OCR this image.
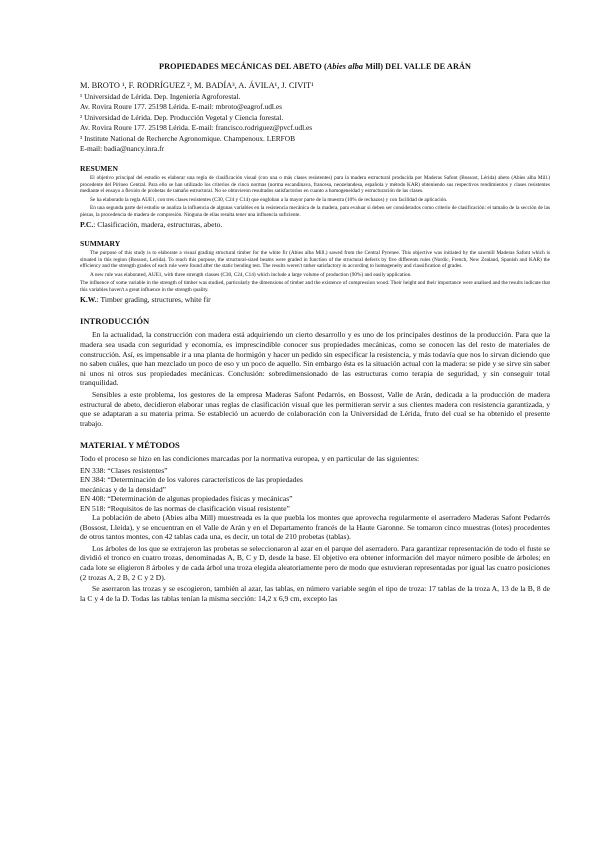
PROPIEDADES MECÁNICAS DEL ABETO (Abies alba Mill) DEL VALLE DE ARÁN
M. BROTO ¹, F. RODRÍGUEZ ², M. BADÍA³, A. ÁVILA¹, J. CIVIT¹
¹ Universidad de Lérida. Dep. Ingeniería Agroforestal.
Av. Rovira Roure 177. 25198 Lérida. E-mail: mbroto@eagrof.udl.es
² Universidad de Lérida. Dep. Producción Vegetal y Ciencia forestal.
Av. Rovira Roure 177. 25198 Lérida. E-mail: francisco.rodriguez@pvcf.udl.es
³ Institute National de Recherche Agronomique. Champenoux. LERFOB
E-mail: badia@nancy.inra.fr
RESUMEN

El objetivo principal del estudio es elaborar una regla de clasificación visual (con una o más clases resistentes) para la madera estructural producida por Maderas Safont (Bossost, Lérida) abeto (Abies alba Mill.) procedente del Pirineo Central. Para ello se han utilizado los criterios de cinco normas (norma escandinava, francesa, neozelandesa, española y método KAR) obteniendo sus respectivos rendimientos y clases resistentes mediante el ensayo a flexión de probetas de tamaño estructural. No se obtuvieron resultados satisfactorios en cuanto a homogeneidad y estructuración de las clases.

Se ha elaborado la regla AUE1, con tres clases resistentes (C30, C24 y C14) que engloban a la mayor parte de la muestra (10% de rechazos) y con facilidad de aplicación.

En una segunda parte del estudio se analiza la influencia de algunas variables en la resistencia mecánica de la madera, para evaluar si deben ser considerados como criterio de clasificación: el tamaño de la sección de las piezas, la procedencia de madera de compresión. Ninguna de ellas resulta tener una influencia suficiente.

P.C.: Clasificación, madera, estructuras, abeto.
SUMMARY

The purpose of this study is to elaborate a visual grading structural timber for the white fir (Abies alba Mill.) sawed from the Central Pyrenee. This objective was initiated by the sawmill Maderas Safont which is situated in this region (Bossost, Lerida). To reach this purpose, the structural-sized beams were graded in function of the structural defects by five differents rules (Nordic, French, New Zealand, Spanish and KAR) the efficiency and the strength grades of each rule were found after the static bending test. The results weren't rather satisfactory in according to homogeneity and classification of grades.

A new rule was elaborated, AUE1, with three strength classes (C30, C24, C14) which include a large volume of production (90%) and easily application.

The influence of some variable in the strength of timber was studied, particularly the dimensions of timber and the existence of compression wood. Their height and their importance were analised and the results indicate that this variables haven't a great influence in the strength quality.

K.W.: Timber grading, structures, white fir
INTRODUCCIÓN

En la actualidad, la construcción con madera está adquiriendo un cierto desarrollo y es uno de los principales destinos de la producción. Para que la madera sea usada con seguridad y economía, es imprescindible conocer sus propiedades mecánicas, como se conocen las del resto de materiales de construcción. Así, es impensable ir a una planta de hormigón y hacer un pedido sin especificar la resistencia, y más todavía que nos lo sirvan diciendo que no saben cuáles, que han mezclado un poco de eso y un poco de aquello. Sin embargo ésta es la situación actual con la madera: se pide y se sirve sin saber ni unos ni otros sus propiedades mecánicas. Conclusión: sobredimensionado de las estructuras como terapia de seguridad, y sin conseguir total tranquilidad.

Sensibles a este problema, los gestores de la empresa Maderas Safont Pedarrós, en Bossost, Valle de Arán, dedicada a la producción de madera estructural de abeto, decidieron elaborar unas reglas de clasificación visual que les permitieran servir a sus clientes madera con resistencia garantizada, y que se adaptaran a su materia prima. Se estableció un acuerdo de colaboración con la Universidad de Lérida, fruto del cual se ha obtenido el presente trabajo.

MATERIAL Y MÉTODOS

Todo el proceso se hizo en las condiciones marcadas por la normativa europea, y en particular de las siguientes:

EN 338: “Clases resistentes”
EN 384: “Determinación de los valores característicos de las propiedades
mecánicas y de la densidad”
EN 408: “Determinación de algunas propiedades físicas y mecánicas”
EN 518: “Requisitos de las normas de clasificación visual resistente”

La población de abeto (Abies alba Mill) muestreada es la que puebla los montes que aprovecha regularmente el aserradero Maderas Safont Pedarrós (Bossost, Lleida), y se encuentran en el Valle de Arán y en el Departamento francés de la Haute Garonne. Se tomaron cinco muestras (lotes) procedentes de otros tantos montes, con 42 tablas cada una, es decir, un total de 210 probetas (tablas).

Los árboles de los que se extrajeron las probetas se seleccionaron al azar en el parque del aserradero. Para garantizar representación de todo el fuste se dividió el tronco en cuatro trozas, denominadas A, B, C y D, desde la base. El objetivo era obtener información del mayor número posible de árboles; en cada lote se eligieron 8 árboles y de cada árbol una troza elegida aleatoriamente pero de modo que estuvieran representadas por igual las cuatro posiciones (2 trozas A, 2 B, 2 C y 2 D).

Se aserraron las trozas y se escogieron, también al azar, las tablas, en número variable según el tipo de troza: 17 tablas de la troza A, 13 de la B, 8 de la C y 4 de la D. Todas las tablas tenían la misma sección: 14,2 x 6,9 cm, excepto las
